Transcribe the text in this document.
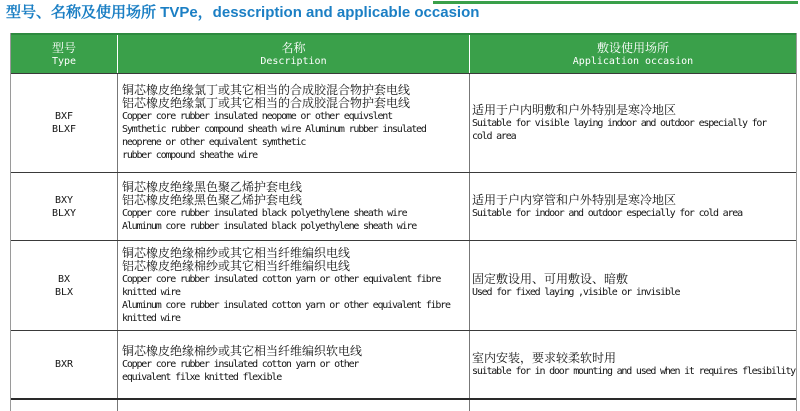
型号、名称及使用场所 TVPe，desscription and applicable occasion
型号
Type
名称
Description
敷设使用场所
Application occasion
BXF
BLXF
铜芯橡皮绝缘氯丁或其它相当的合成胶混合物护套电线
铝芯橡皮绝缘氯丁或其它相当的合成胶混合物护套电线
Copper core rubber insulated neopome or other equivslent
Symthetic rubber compound sheath wire Aluminum rubber insulated
neoprene or other equivalent symthetic
rubber compound sheathe wire
适用于户内明敷和户外特别是寒冷地区
Suitable for visible laying indoor and outdoor especially for
cold area
BXY
BLXY
铜芯橡皮绝缘黑色聚乙烯护套电线
铝芯橡皮绝缘黑色聚乙烯护套电线
Copper core rubber insulated black polyethylene sheath wire
Aluminum core rubber insulated black polyethylene sheath wire
适用于户内穿管和户外特别是寒冷地区
Suitable for indoor and outdoor especially for cold area
BX
BLX
铜芯橡皮绝缘棉纱或其它相当纤维编织电线
铝芯橡皮绝缘棉纱或其它相当纤维编织电线
Copper core rubber insulated cotton yarn or other equivalent fibre
knitted wire
Aluminum core rubber insulated cotton yarn or other equivalent fibre
knitted wire
固定敷设用、可用敷设、暗敷
Used for fixed laying ,visible or invisible
BXR
铜芯橡皮绝缘棉纱或其它相当纤维编织软电线
Copper core rubber insulated cotton yarn or other
equivalent filxe knitted flexible
室内安装，要求较柔软时用
suitable for in door mounting and used when it requires flesibility
